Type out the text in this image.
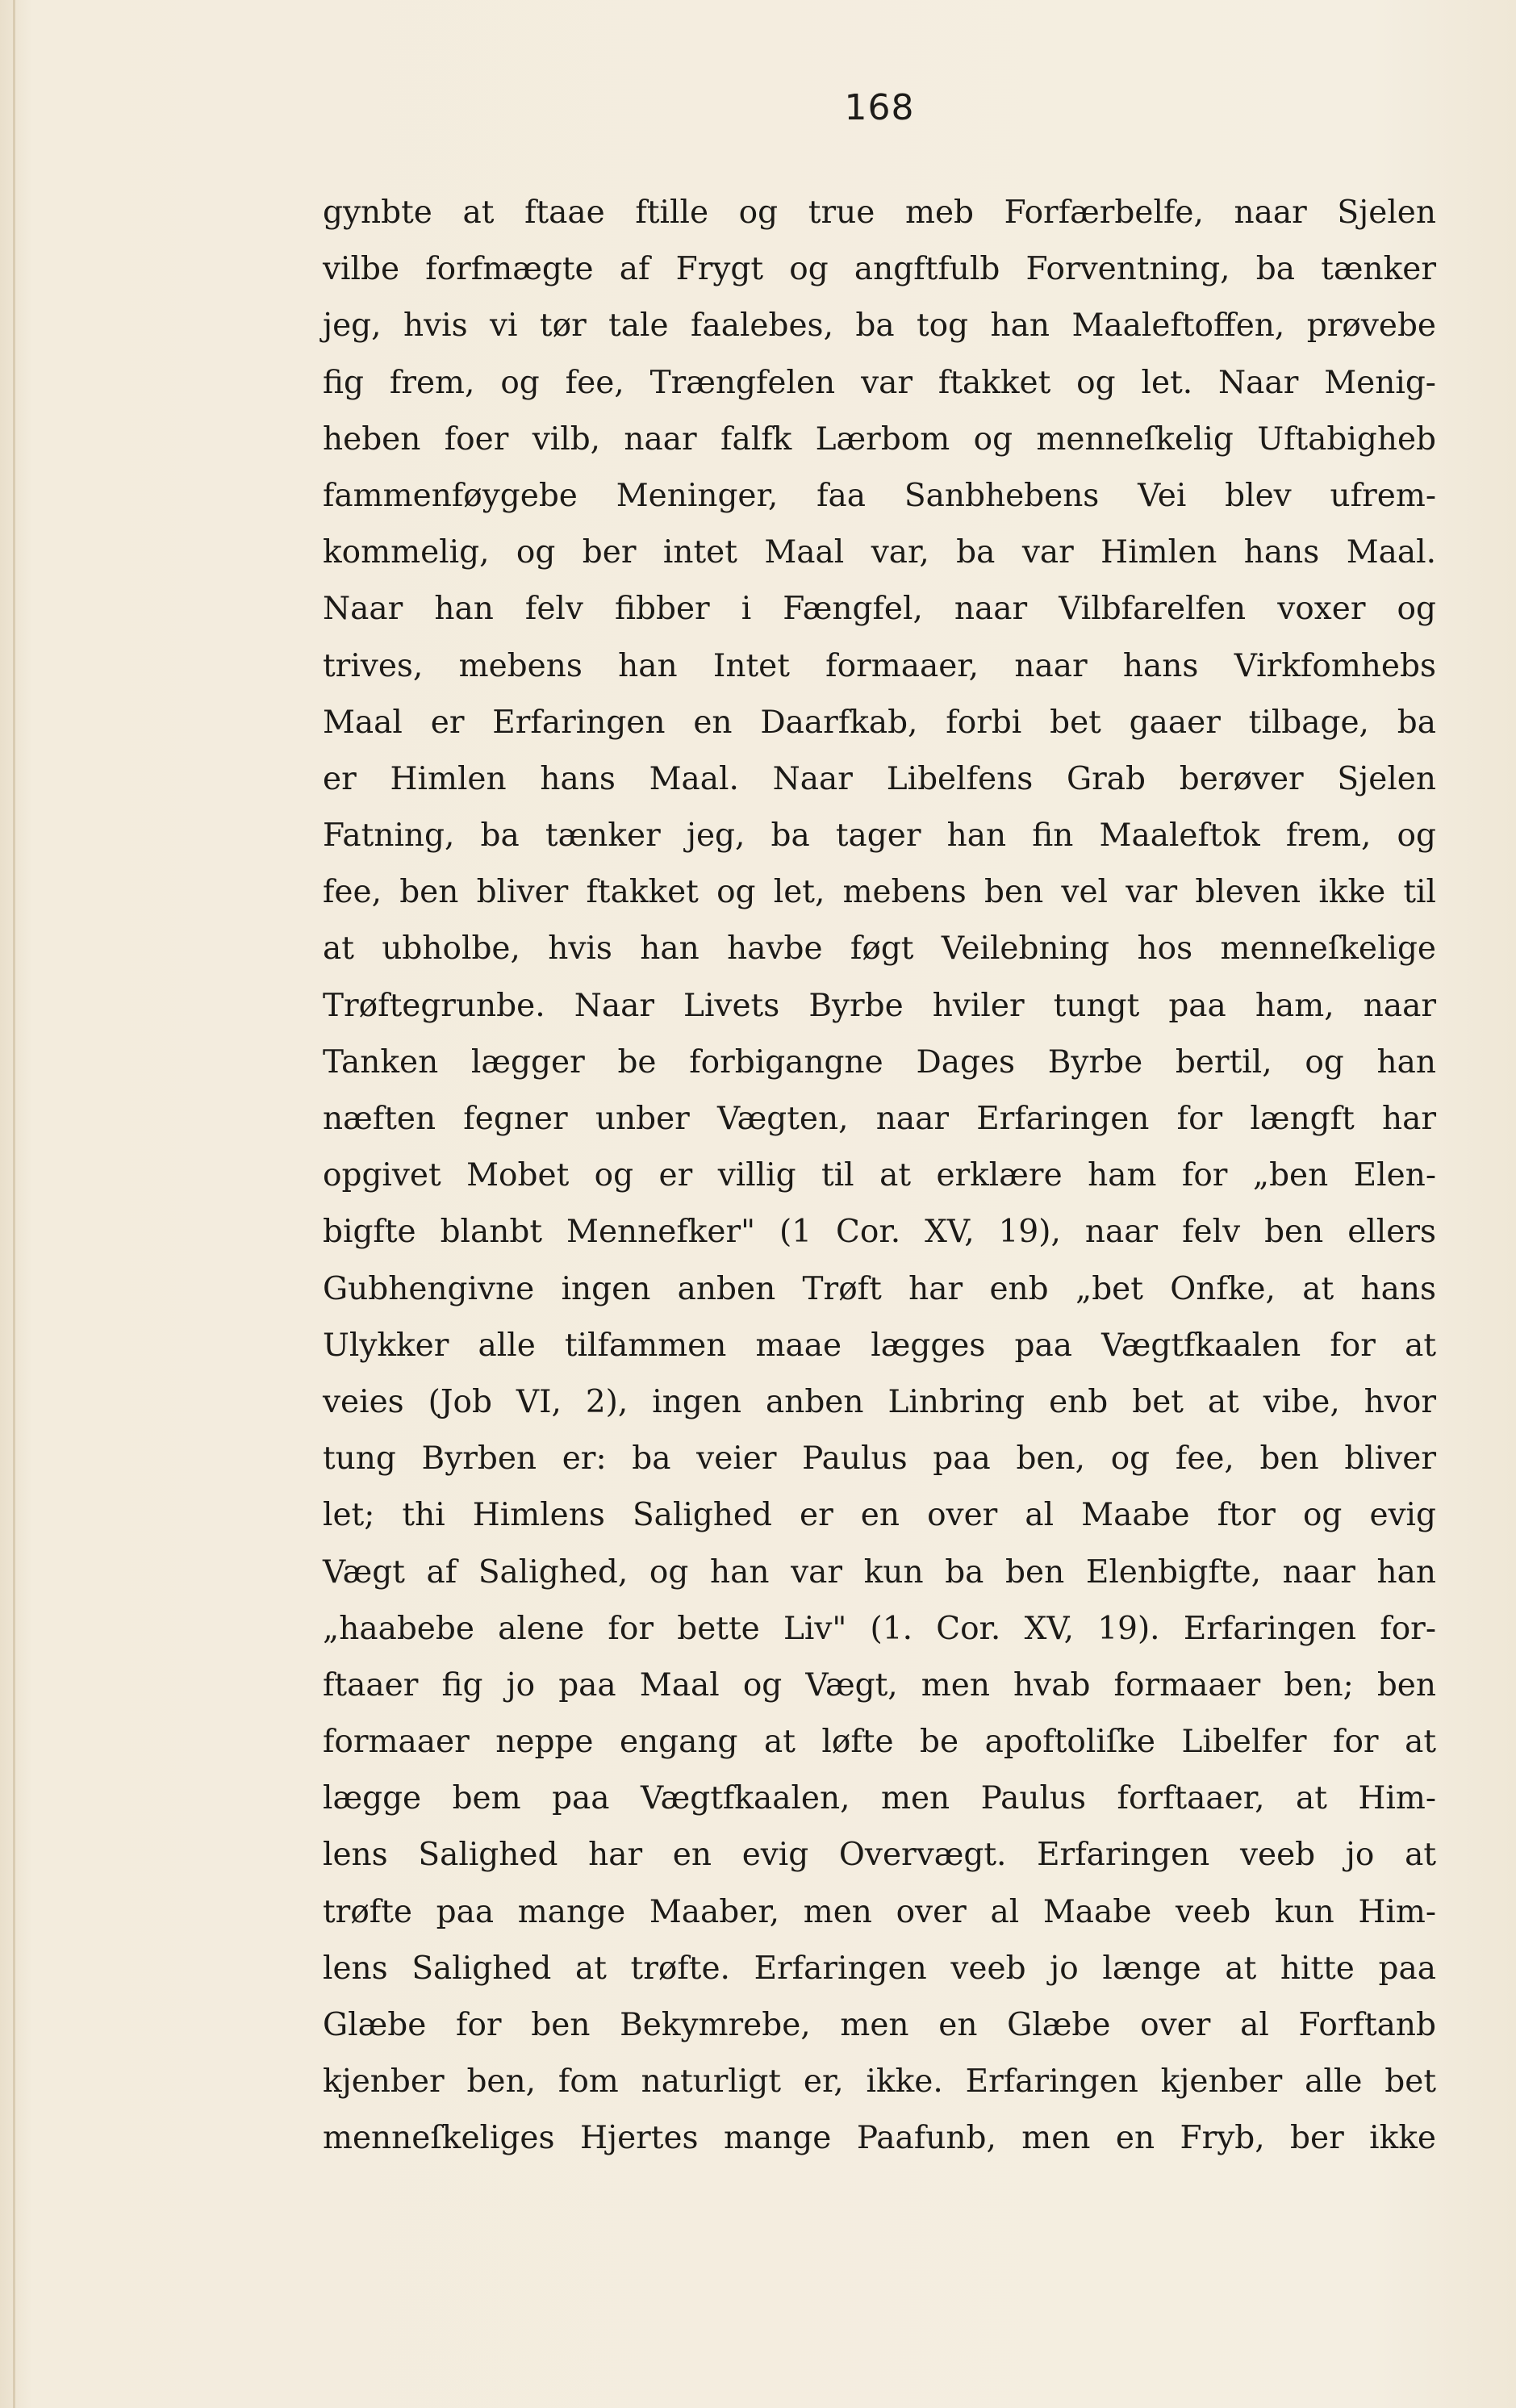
168
gynbte at ftaae ftille og true meb Forfærbelfe, naar Sjelen
vilbe forfmægte af Frygt og angftfulb Forventning, ba tænker
jeg, hvis vi tør tale faalebes, ba tog han Maaleftoffen, prøvebe
fig frem, og fee, Trængfelen var ftakket og let. Naar Menig-
heben foer vilb, naar falfk Lærbom og menneſkelig Uftabigheb
fammenføygebe Meninger, faa Sanbhebens Vei blev ufrem-
kommelig, og ber intet Maal var, ba var Himlen hans Maal.
Naar han felv fibber i Fængfel, naar Vilbfarelfen voxer og
trives, mebens han Intet formaaer, naar hans Virkfomhebs
Maal er Erfaringen en Daarfkab, forbi bet gaaer tilbage, ba
er Himlen hans Maal. Naar Libelfens Grab berøver Sjelen
Fatning, ba tænker jeg, ba tager han fin Maaleftok frem, og
fee, ben bliver ftakket og let, mebens ben vel var bleven ikke til
at ubholbe, hvis han havbe føgt Veilebning hos menneſkelige
Trøftegrunbe. Naar Livets Byrbe hviler tungt paa ham, naar
Tanken lægger be forbigangne Dages Byrbe bertil, og han
næften fegner unber Vægten, naar Erfaringen for længft har
opgivet Mobet og er villig til at erklære ham for „ben Elen-
bigfte blanbt Mennefker" (1 Cor. XV, 19), naar felv ben ellers
Gubhengivne ingen anben Trøft har enb „bet Onfke, at hans
Ulykker alle tilfammen maae lægges paa Vægtfkaalen for at
veies (Job VI, 2), ingen anben Linbring enb bet at vibe, hvor
tung Byrben er: ba veier Paulus paa ben, og fee, ben bliver
let; thi Himlens Salighed er en over al Maabe ftor og evig
Vægt af Salighed, og han var kun ba ben Elenbigfte, naar han
„haabebe alene for bette Liv" (1. Cor. XV, 19). Erfaringen for-
ftaaer fig jo paa Maal og Vægt, men hvab formaaer ben; ben
formaaer neppe engang at løfte be apoftoliſke Libelfer for at
lægge bem paa Vægtfkaalen, men Paulus forftaaer, at Him-
lens Salighed har en evig Overvægt. Erfaringen veeb jo at
trøfte paa mange Maaber, men over al Maabe veeb kun Him-
lens Salighed at trøfte. Erfaringen veeb jo længe at hitte paa
Glæbe for ben Bekymrebe, men en Glæbe over al Forftanb
kjenber ben, fom naturligt er, ikke. Erfaringen kjenber alle bet
menneſkeliges Hjertes mange Paafunb, men en Fryb, ber ikke
